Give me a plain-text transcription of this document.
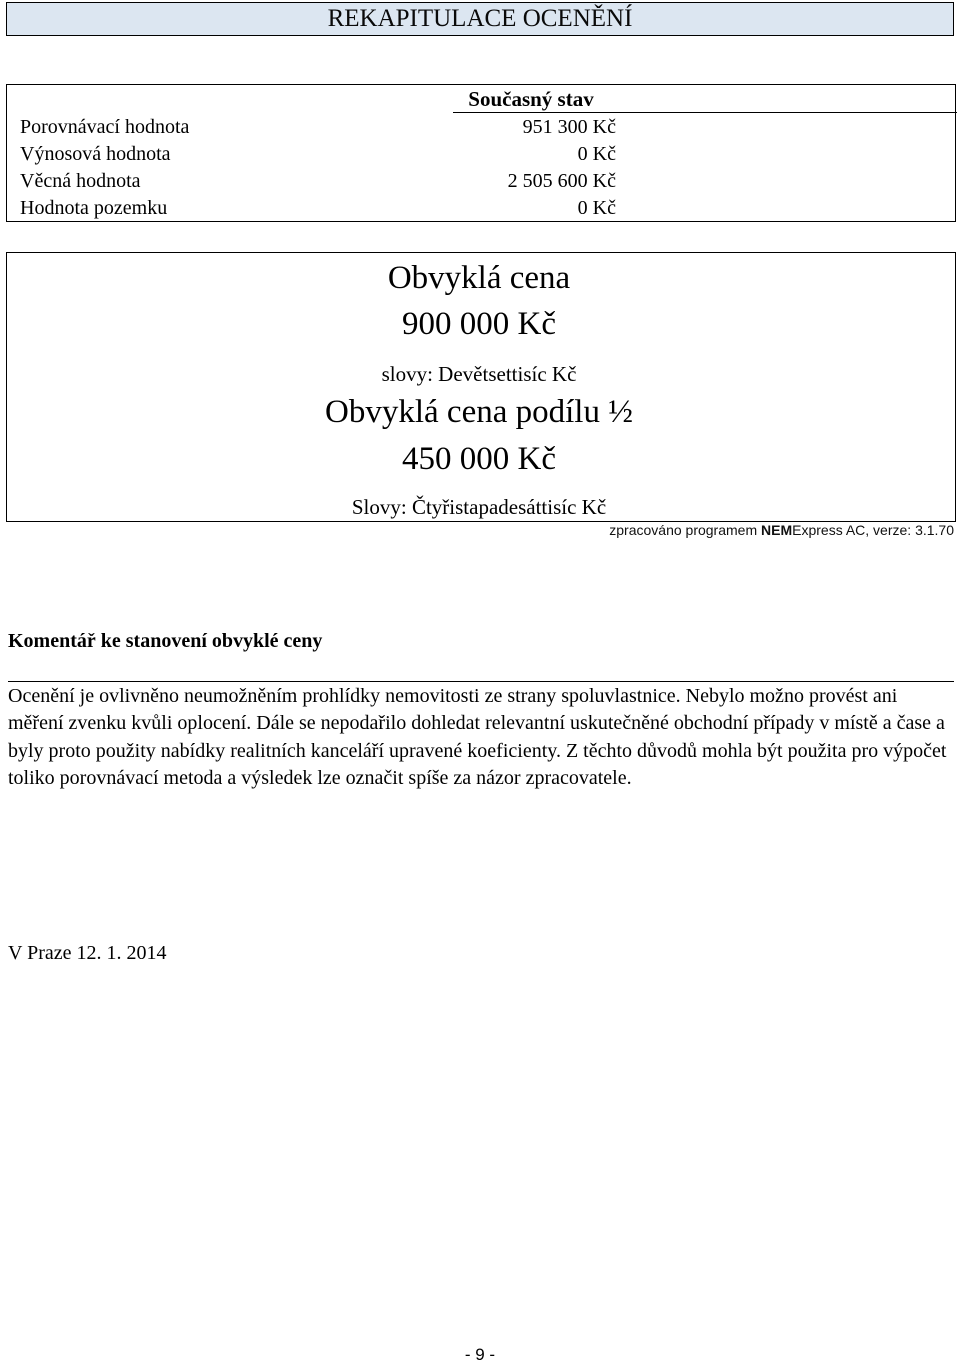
REKAPITULACE OCENĚNÍ
Současný stav
Porovnávací hodnota	951 300 Kč
Výnosová hodnota	0 Kč
Věcná hodnota	2 505 600 Kč
Hodnota pozemku	0 Kč
Obvyklá cena
900 000 Kč
slovy: Devětsettisíc Kč
Obvyklá cena podílu ½
450 000 Kč
Slovy: Čtyřistapadesáttisíc Kč
zpracováno programem NEMExpress AC, verze: 3.1.70
Komentář ke stanovení obvyklé ceny
Ocenění je ovlivněno neumožněním prohlídky nemovitosti ze strany spoluvlastnice. Nebylo možno provést ani měření zvenku kvůli oplocení. Dále se nepodařilo dohledat relevantní uskutečněné obchodní případy v místě a čase a byly proto použity nabídky realitních kanceláří upravené koeficienty. Z těchto důvodů mohla být použita pro výpočet toliko porovnávací metoda a výsledek lze označit spíše za názor zpracovatele.
V Praze 12. 1. 2014
- 9 -
